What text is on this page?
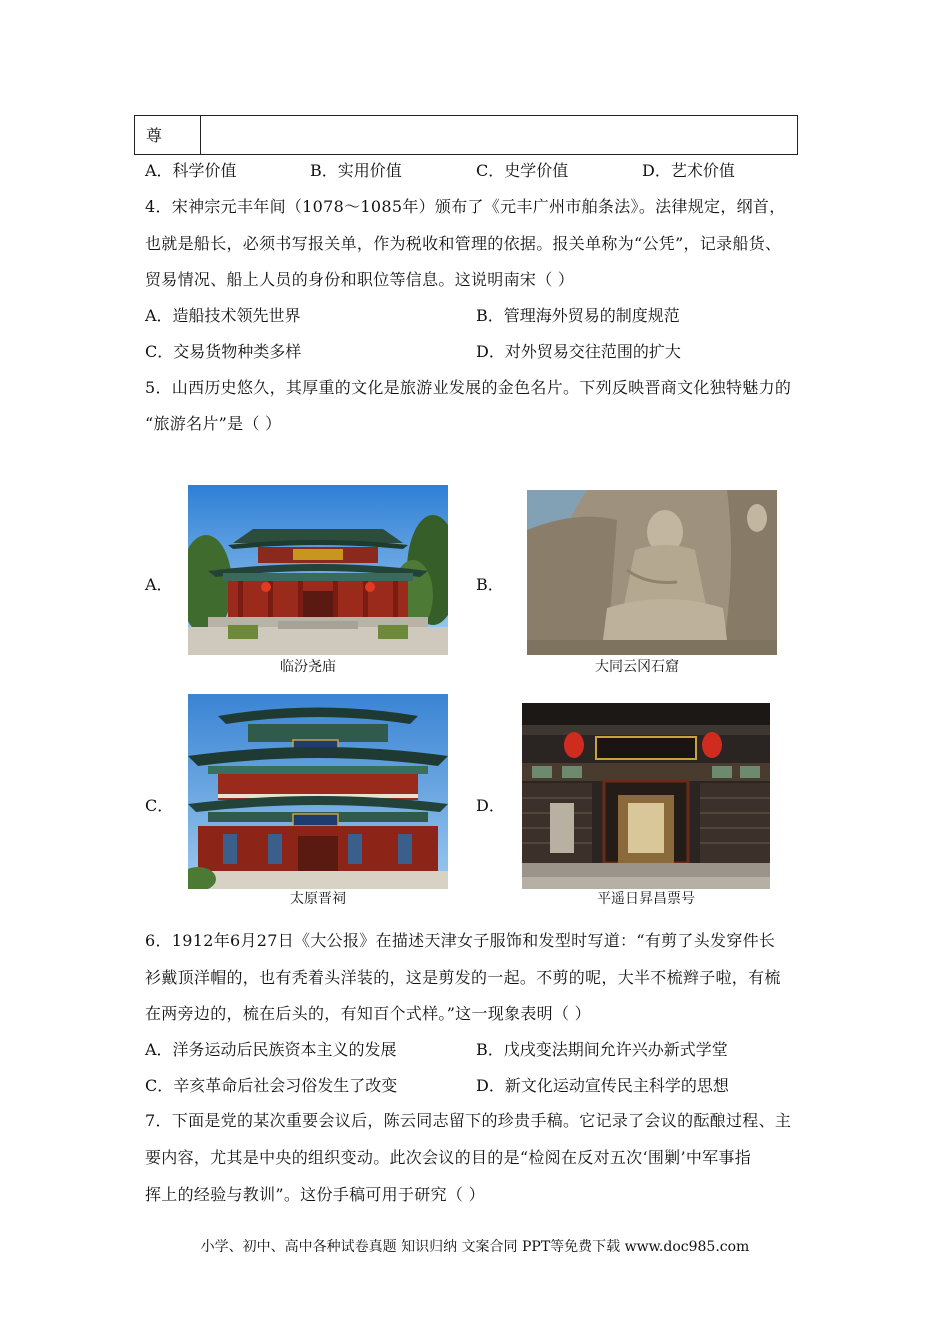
尊
A．科学价值	B．实用价值	C．史学价值	D．艺术价值
4．宋神宗元丰年间（1078～1085年）颁布了《元丰广州市舶条法》。法律规定，纲首，
也就是船长，必须书写报关单，作为税收和管理的依据。报关单称为“公凭”，记录船货、
贸易情况、船上人员的身份和职位等信息。这说明南宋（ ）
A．造船技术领先世界	B．管理海外贸易的制度规范
C．交易货物种类多样	D．对外贸易交往范围的扩大
5．山西历史悠久，其厚重的文化是旅游业发展的金色名片。下列反映晋商文化独特魅力的
“旅游名片”是（ ）
A．
临汾尧庙
B．
大同云冈石窟
C．
太原晋祠
D．
平遥日昇昌票号
6．1912年6月27日《大公报》在描述天津女子服饰和发型时写道：“有剪了头发穿件长
衫戴顶洋帽的，也有秃着头洋装的，这是剪发的一起。不剪的呢，大半不梳辫子啦，有梳
在两旁边的，梳在后头的，有知百个式样。”这一现象表明（ ）
A．洋务运动后民族资本主义的发展	B．戊戌变法期间允许兴办新式学堂
C．辛亥革命后社会习俗发生了改变	D．新文化运动宣传民主科学的思想
7．下面是党的某次重要会议后，陈云同志留下的珍贵手稿。它记录了会议的酝酿过程、主
要内容，尤其是中央的组织变动。此次会议的目的是“检阅在反对五次‘围剿’中军事指
挥上的经验与教训”。这份手稿可用于研究（ ）
小学、初中、高中各种试卷真题 知识归纳 文案合同 PPT等免费下载 www.doc985.com
